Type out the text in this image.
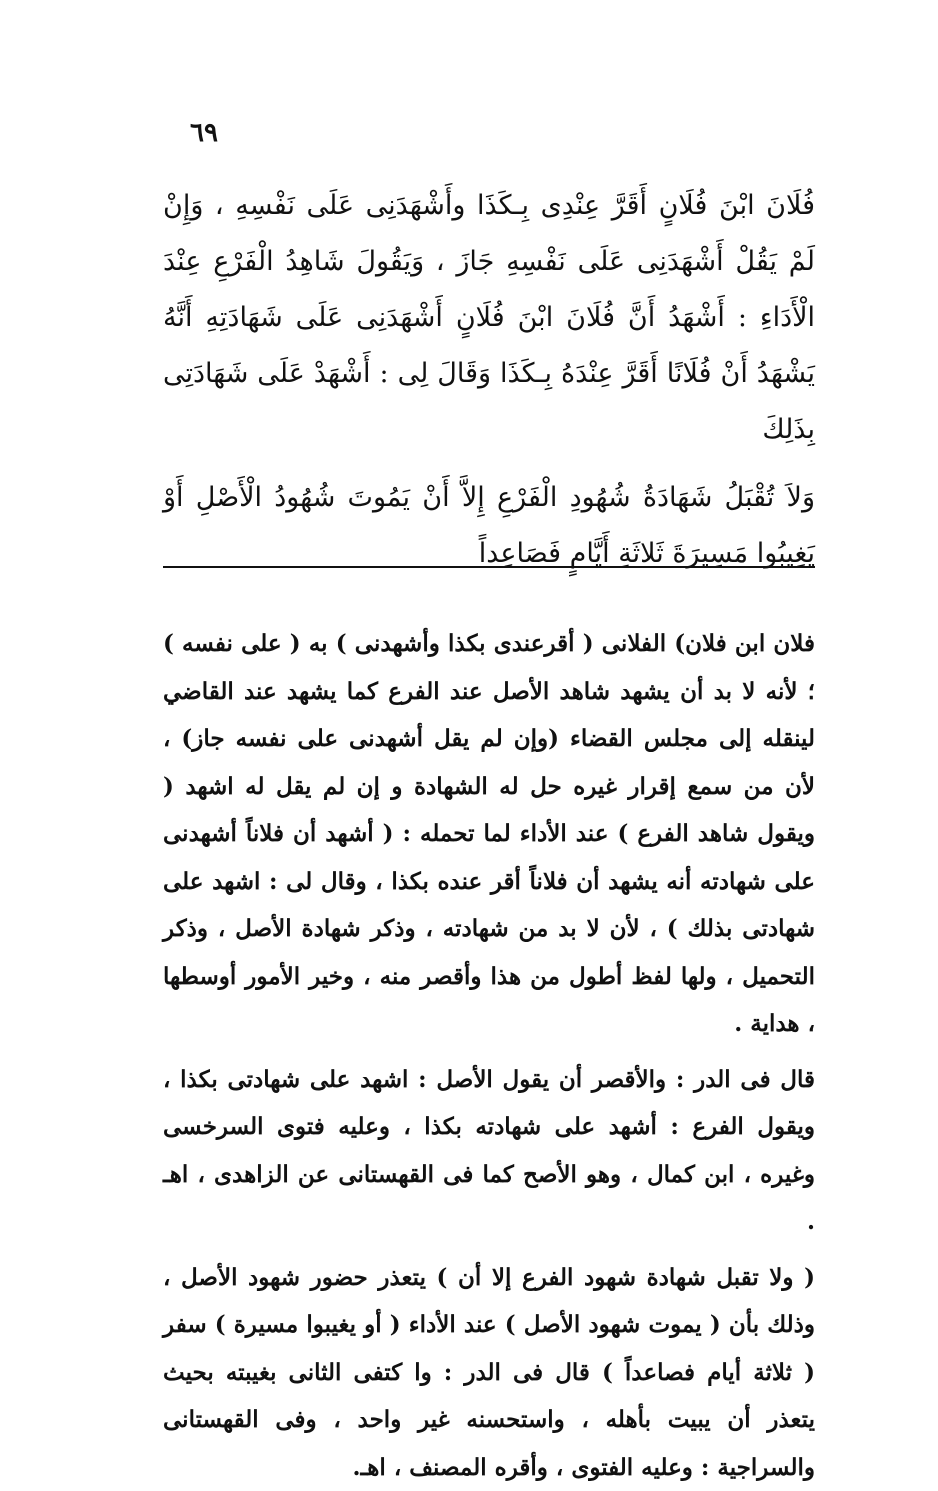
٦٩

فُلَانَ ابْنَ فُلَانٍ أَقَرَّ عِنْدِى بِـكَذَا وأَشْهَدَنِى عَلَى نَفْسِهِ ، وَإِنْ لَمْ يَقُلْ أَشْهَدَنِى عَلَى نَفْسِهِ جَازَ ، وَيَقُولَ شَاهِدُ الْفَرْعِ عِنْدَ الْأَدَاءِ : أَشْهَدُ أَنَّ فُلَانَ ابْنَ فُلَانٍ أَشْهَدَنِى عَلَى شَهَادَتِهِ أَنَّهُ يَشْهَدُ أَنْ فُلَانًا أَقَرَّ عِنْدَهُ بِـكَذَا وَقَالَ لِى : أَشْهَدْ عَلَى شَهَادَتِى بِذَلِكَ

وَلاَ تُقْبَلُ شَهَادَةُ شُهُودِ الْفَرْعِ إِلاَّ أَنْ يَمُوتَ شُهُودُ الْأَصْلِ أَوْ يَغِيبُوا مَسِيرَةَ ثَلاثَةِ أَيَّامٍ فَصَاعِداً

فلان ابن فلان) الفلانى ( أقرعندى بكذا وأشهدنى ) به ( على نفسه ) ؛ لأنه لا بد أن يشهد شاهد الأصل عند الفرع كما يشهد عند القاضي لينقله إلى مجلس القضاء (وإن لم يقل أشهدنى على نفسه جاز) ، لأن من سمع إقرار غيره حل له الشهادة و إن لم يقل له اشهد ( ويقول شاهد الفرع ) عند الأداء لما تحمله : ( أشهد أن فلاناً أشهدنى على شهادته أنه يشهد أن فلاناً أقر عنده بكذا ، وقال لى : اشهد على شهادتى بذلك ) ، لأن لا بد من شهادته ، وذكر شهادة الأصل ، وذكر التحميل ، ولها لفظ أطول من هذا وأقصر منه ، وخير الأمور أوسطها ، هداية .

قال فى الدر : والأقصر أن يقول الأصل : اشهد على شهادتى بكذا ، ويقول الفرع : أشهد على شهادته بكذا ، وعليه فتوى السرخسى وغيره ، ابن كمال ، وهو الأصح كما فى القهستانى عن الزاهدى ، اهـ .

( ولا تقبل شهادة شهود الفرع إلا أن ) يتعذر حضور شهود الأصل ، وذلك بأن ( يموت شهود الأصل ) عند الأداء ( أو يغيبوا مسيرة ) سفر ( ثلاثة أيام فصاعداً ) قال فى الدر : وا كتفى الثانى بغيبته بحيث يتعذر أن يبيت بأهله ، واستحسنه غير واحد ، وفى القهستانى والسراجية : وعليه الفتوى ، وأقره المصنف ، اهـ.
